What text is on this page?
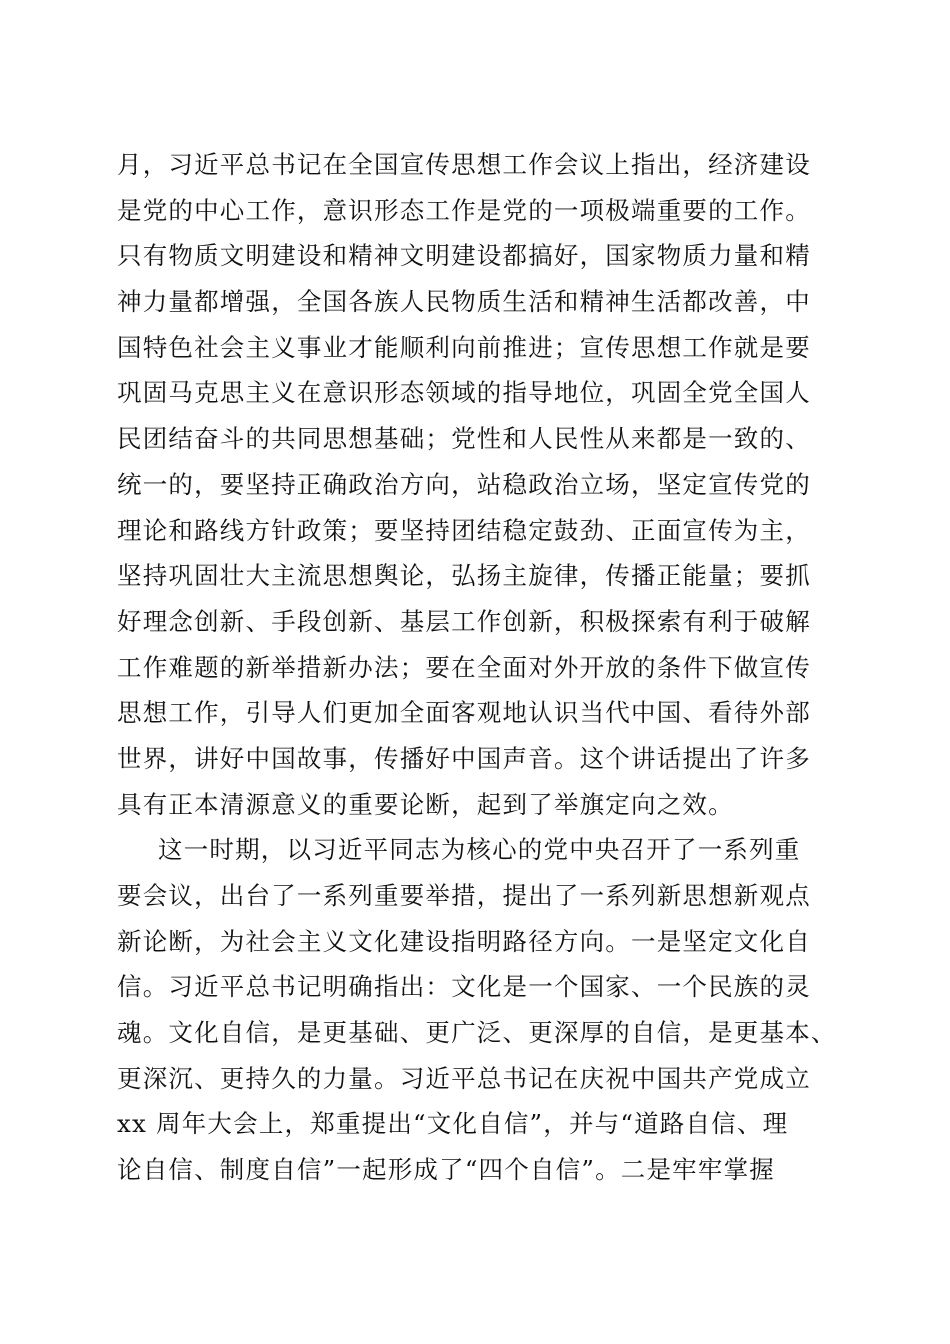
月，习近平总书记在全国宣传思想工作会议上指出，经济建设
是党的中心工作，意识形态工作是党的一项极端重要的工作。
只有物质文明建设和精神文明建设都搞好，国家物质力量和精
神力量都增强，全国各族人民物质生活和精神生活都改善，中
国特色社会主义事业才能顺利向前推进；宣传思想工作就是要
巩固马克思主义在意识形态领域的指导地位，巩固全党全国人
民团结奋斗的共同思想基础；党性和人民性从来都是一致的、
统一的，要坚持正确政治方向，站稳政治立场，坚定宣传党的
理论和路线方针政策；要坚持团结稳定鼓劲、正面宣传为主，
坚持巩固壮大主流思想舆论，弘扬主旋律，传播正能量；要抓
好理念创新、手段创新、基层工作创新，积极探索有利于破解
工作难题的新举措新办法；要在全面对外开放的条件下做宣传
思想工作，引导人们更加全面客观地认识当代中国、看待外部
世界，讲好中国故事，传播好中国声音。这个讲话提出了许多
具有正本清源意义的重要论断，起到了举旗定向之效。
这一时期，以习近平同志为核心的党中央召开了一系列重
要会议，出台了一系列重要举措，提出了一系列新思想新观点
新论断，为社会主义文化建设指明路径方向。一是坚定文化自
信。习近平总书记明确指出：文化是一个国家、一个民族的灵
魂。文化自信，是更基础、更广泛、更深厚的自信，是更基本、
更深沉、更持久的力量。习近平总书记在庆祝中国共产党成立
xx 周年大会上，郑重提出“文化自信”，并与“道路自信、理
论自信、制度自信”一起形成了“四个自信”。二是牢牢掌握
